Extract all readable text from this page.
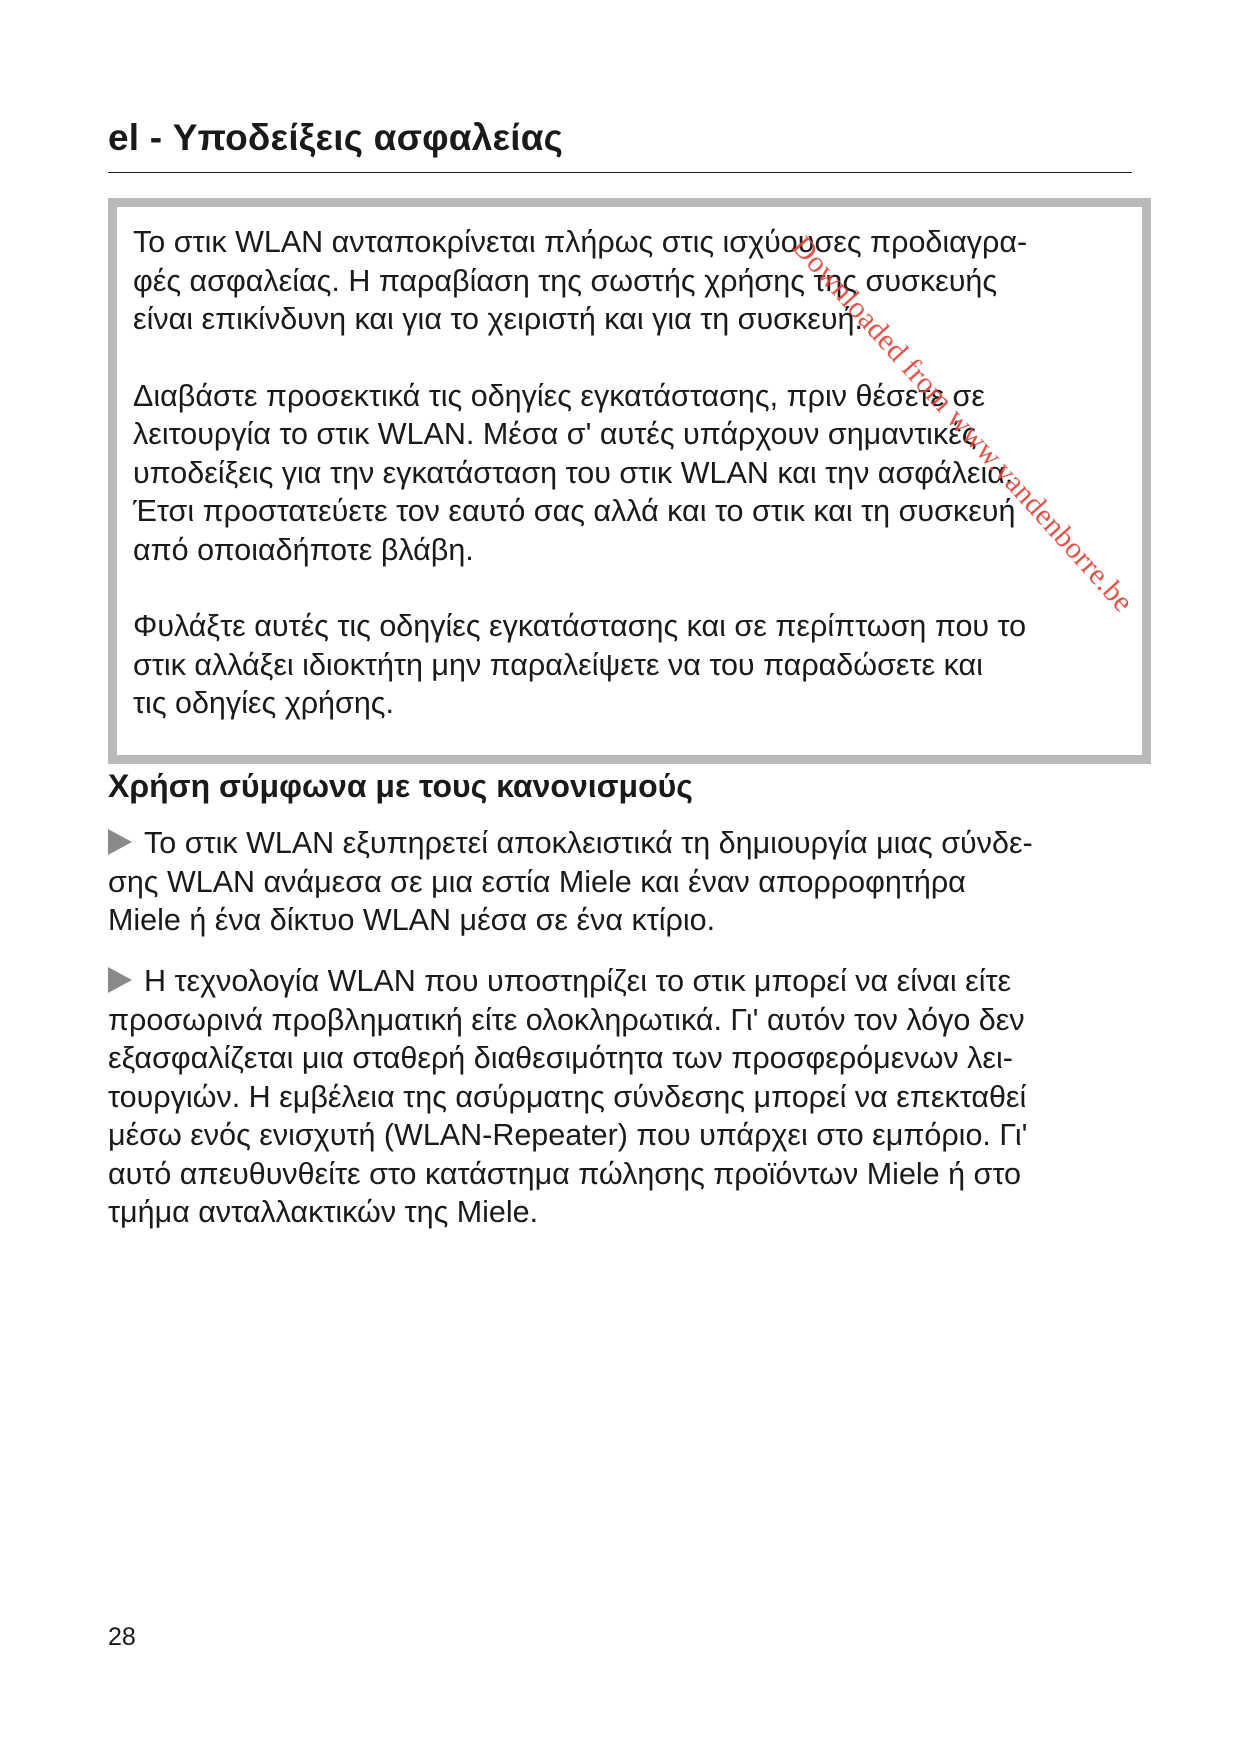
el - Υποδείξεις ασφαλείας

Το στικ WLAN ανταποκρίνεται πλήρως στις ισχύουσες προδιαγρα-
φές ασφαλείας. Η παραβίαση της σωστής χρήσης της συσκευής
είναι επικίνδυνη και για το χειριστή και για τη συσκευή.

Διαβάστε προσεκτικά τις οδηγίες εγκατάστασης, πριν θέσετε σε
λειτουργία το στικ WLAN. Μέσα σ' αυτές υπάρχουν σημαντικές
υποδείξεις για την εγκατάσταση του στικ WLAN και την ασφάλεια.
Έτσι προστατεύετε τον εαυτό σας αλλά και το στικ και τη συσκευή
από οποιαδήποτε βλάβη.

Φυλάξτε αυτές τις οδηγίες εγκατάστασης και σε περίπτωση που το
στικ αλλάξει ιδιοκτήτη μην παραλείψετε να του παραδώσετε και
τις οδηγίες χρήσης.

Χρήση σύμφωνα με τους κανονισμούς

Το στικ WLAN εξυπηρετεί αποκλειστικά τη δημιουργία μιας σύνδε-
σης WLAN ανάμεσα σε μια εστία Miele και έναν απορροφητήρα
Miele ή ένα δίκτυο WLAN μέσα σε ένα κτίριο.

Η τεχνολογία WLAN που υποστηρίζει το στικ μπορεί να είναι είτε
προσωρινά προβληματική είτε ολοκληρωτικά. Γι' αυτόν τον λόγο δεν
εξασφαλίζεται μια σταθερή διαθεσιμότητα των προσφερόμενων λει-
τουργιών. Η εμβέλεια της ασύρματης σύνδεσης μπορεί να επεκταθεί
μέσω ενός ενισχυτή (WLAN-Repeater) που υπάρχει στο εμπόριο. Γι'
αυτό απευθυνθείτε στο κατάστημα πώλησης προϊόντων Miele ή στο
τμήμα ανταλλακτικών της Miele.

Downloaded from www.vandenborre.be
28
